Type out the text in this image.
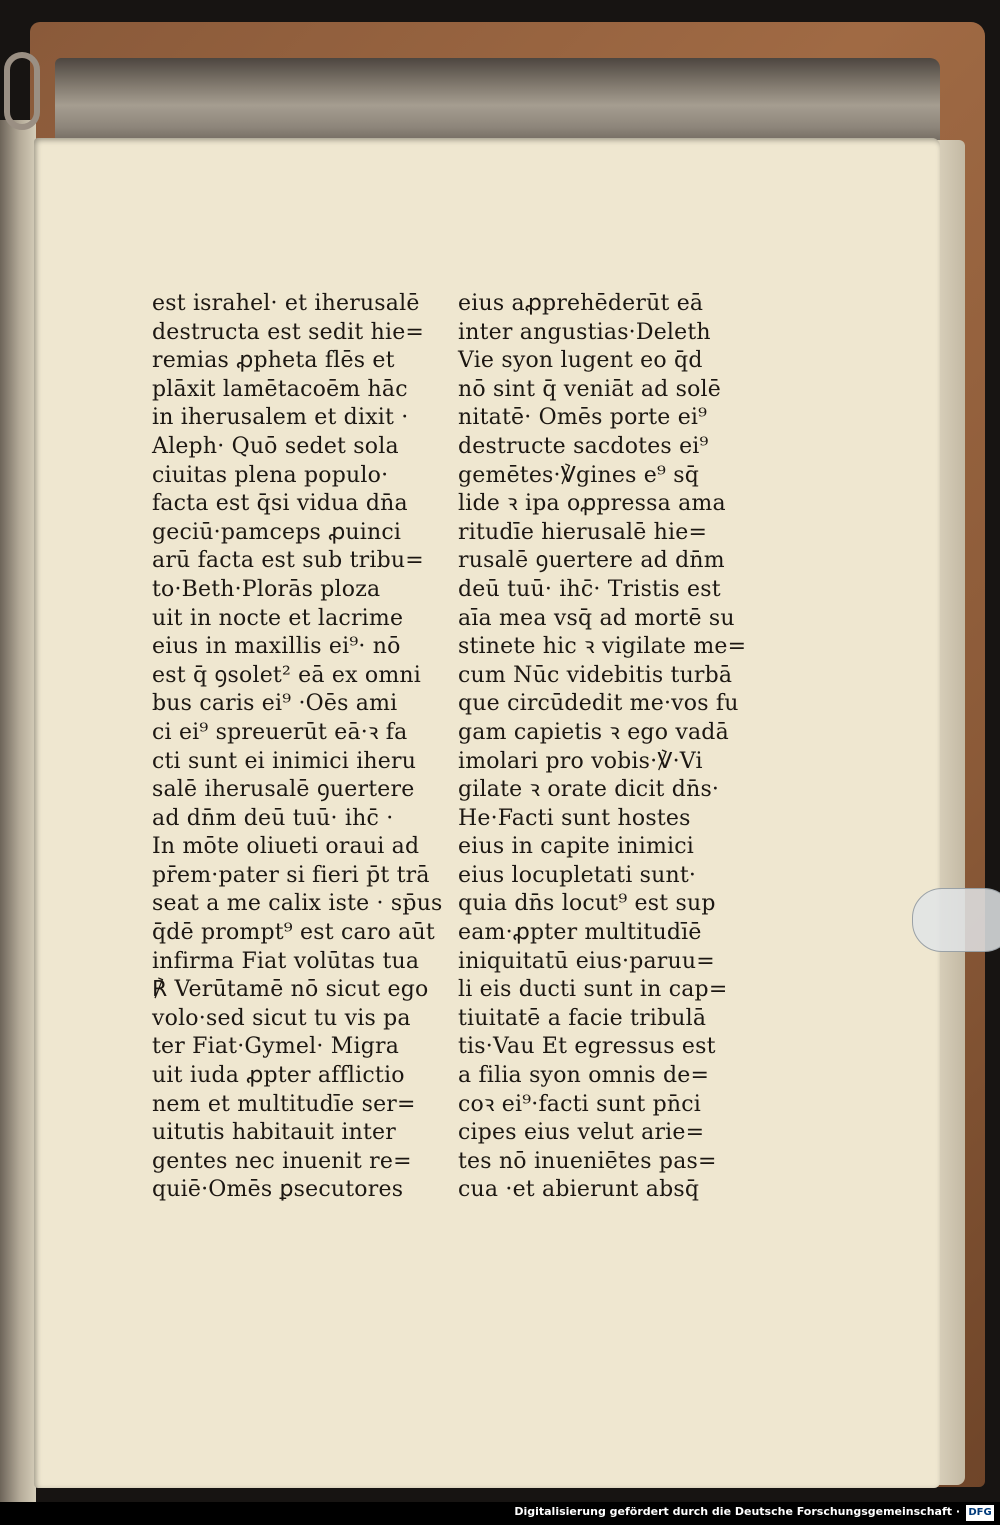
est israhel· et iherusalē
destructa est sedit hie=
remias ꝓpheta flēs et
plāxit lamētacoēm hāc
in iherusalem et dixit ·
Aleph· Quō sedet sola
ciuitas plena populo·
facta est q̄si vidua dn̄a
geciū·pamceps ꝓuinci
arū facta est sub tribu=
to·Beth·Plorās ploza
uit in nocte et lacrime
eius in maxillis ei⁹· nō
est q̄ ꝯsolet² eā ex omni
bus caris ei⁹ ·Oēs ami
ci ei⁹ spreuerūt eā·ꝛ fa
cti sunt ei inimici iheru
salē iherusalē ꝯuertere
ad dn̄m deū tuū· ihc̄ ·
In mōte oliueti oraui ad
pr̄em·pater si fieri p̄t trā
seat a me calix iste · sp̄us
q̄dē prompt⁹ est caro aūt
infirma Fiat volūtas tua
℟ Verūtamē nō sicut ego
volo·sed sicut tu vis pa
ter Fiat·Gymel· Migra
uit iuda ꝓpter afflictio
nem et multitudīe ser=
uitutis habitauit inter
gentes nec inuenit re=
quiē·Omēs ꝑsecutores
eius aꝓprehēderūt eā
inter angustias·Deleth
Vie syon lugent eo q̄d
nō sint q̄ veniāt ad solē
nitatē· Omēs porte ei⁹
destructe sacdotes ei⁹
gemētes·℣gines e⁹ sq̄
lide ꝛ ipa oꝓpressa ama
ritudīe hierusalē hie=
rusalē ꝯuertere ad dn̄m
deū tuū· ihc̄· Tristis est
aīa mea vsq̄ ad mortē su
stinete hic ꝛ vigilate me=
cum Nūc videbitis turbā
que circūdedit me·vos fu
gam capietis ꝛ ego vadā
imolari pro vobis·℣·Vi
gilate ꝛ orate dicit dn̄s·
He·Facti sunt hostes
eius in capite inimici
eius locupletati sunt·
quia dn̄s locut⁹ est sup
eam·ꝓpter multitudīē
iniquitatū eius·paruu=
li eis ducti sunt in cap=
tiuitatē a facie tribulā
tis·Vau Et egressus est
a filia syon omnis de=
coꝛ ei⁹·facti sunt pn̄ci
cipes eius velut arie=
tes nō inueniētes pas=
cua ·et abierunt absq̄
Digitalisierung gefördert durch die Deutsche Forschungsgemeinschaft · DFG
